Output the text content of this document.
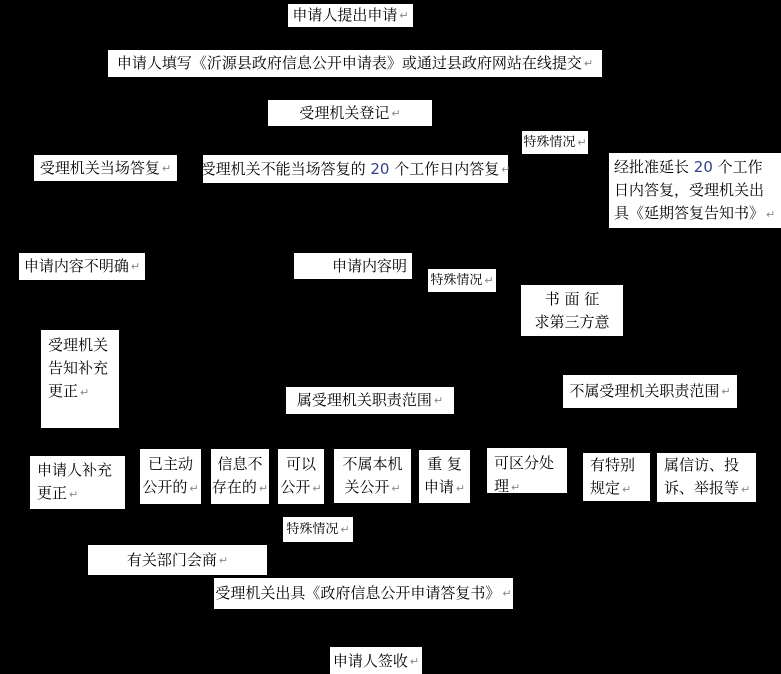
申请人提出申请 ↵
申请人填写《沂源县政府信息公开申请表》或通过县政府网站在线提交 ↵
受理机关登记 ↵
特殊情况 ↵
受理机关当场答复 ↵ 受理机关不能当场答复的 20 个工作日内答复 ↵	经批准延长 20 个工作日内答复，受理机关出具《延期答复告知书》 ↵
申请内容不明确 ↵	申请内容明
特殊情况 ↵
书 面 征
求第三方意
受理机关
告知补充
更正 ↵	属受理机关职责范围 ↵
不属受理机关职责范围 ↵
申请人补充
更正 ↵
已主动
公开的 ↵
信息不
存在的 ↵
可以
公开 ↵
不属本机
关公开 ↵
重 复
申请 ↵
可区分处
理 ↵
有特别
规定 ↵
属信访、投
诉、举报等 ↵
特殊情况 ↵
有关部门会商 ↵
受理机关出具《政府信息公开申请答复书》 ↵
申请人签收 ↵
